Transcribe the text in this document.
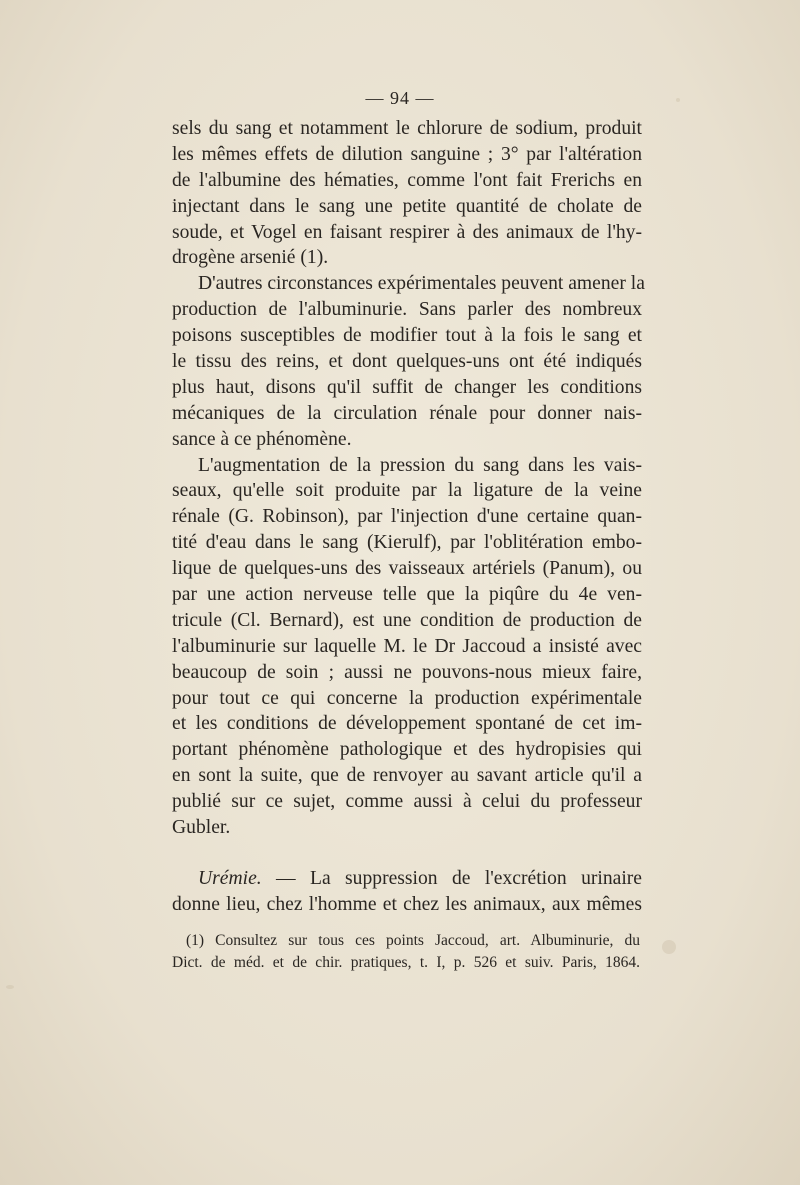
— 94 —
sels du sang et notamment le chlorure de sodium, produit
les mêmes effets de dilution sanguine ; 3° par l'altération
de l'albumine des hématies, comme l'ont fait Frerichs en
injectant dans le sang une petite quantité de cholate de
soude, et Vogel en faisant respirer à des animaux de l'hy-
drogène arsenié (1).
D'autres circonstances expérimentales peuvent amener la
production de l'albuminurie. Sans parler des nombreux
poisons susceptibles de modifier tout à la fois le sang et
le tissu des reins, et dont quelques-uns ont été indiqués
plus haut, disons qu'il suffit de changer les conditions
mécaniques de la circulation rénale pour donner nais-
sance à ce phénomène.
L'augmentation de la pression du sang dans les vais-
seaux, qu'elle soit produite par la ligature de la veine
rénale (G. Robinson), par l'injection d'une certaine quan-
tité d'eau dans le sang (Kierulf), par l'oblitération embo-
lique de quelques-uns des vaisseaux artériels (Panum), ou
par une action nerveuse telle que la piqûre du 4e ven-
tricule (Cl. Bernard), est une condition de production de
l'albuminurie sur laquelle M. le Dr Jaccoud a insisté avec
beaucoup de soin ; aussi ne pouvons-nous mieux faire,
pour tout ce qui concerne la production expérimentale
et les conditions de développement spontané de cet im-
portant phénomène pathologique et des hydropisies qui
en sont la suite, que de renvoyer au savant article qu'il a
publié sur ce sujet, comme aussi à celui du professeur
Gubler.
Urémie. — La suppression de l'excrétion urinaire
donne lieu, chez l'homme et chez les animaux, aux mêmes
(1) Consultez sur tous ces points Jaccoud, art. Albuminurie, du
Dict. de méd. et de chir. pratiques, t. I, p. 526 et suiv. Paris, 1864.
